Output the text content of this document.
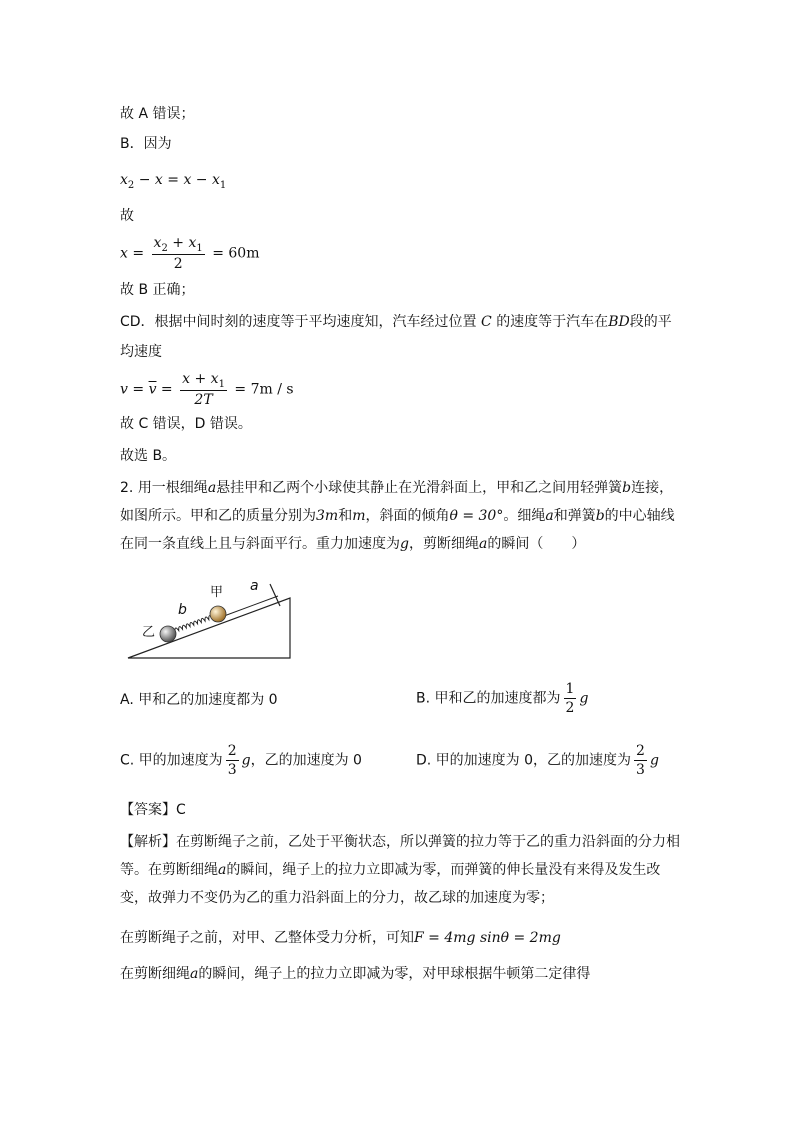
故 A 错误；
B．因为
$x_2 - x = x - x_1$
故
$x = \frac{x_2 + x_1}{2} = 60m$
故 B 正确；
CD．根据中间时刻的速度等于平均速度知，汽车经过位置 C 的速度等于汽车在BD段的平
均速度
$v = \overline{v} = \frac{x + x_1}{2T} = 7m / s$
故 C 错误，D 错误。
故选 B。
2. 用一根细绳a悬挂甲和乙两个小球使其静止在光滑斜面上，甲和乙之间用轻弹簧b连接，如图所示。甲和乙的质量分别为3m和m，斜面的倾角θ = 30°。细绳a和弹簧b的中心轴线在同一条直线上且与斜面平行。重力加速度为g，剪断细绳a的瞬间（　　）
甲
乙
a
b
A. 甲和乙的加速度都为 0	B. 甲和乙的加速度都为 $\frac{1}{2}$ g
C. 甲的加速度为 $\frac{2}{3}$ g，乙的加速度为 0	D. 甲的加速度为 0，乙的加速度为 $\frac{2}{3}$ g
【答案】C
【解析】在剪断绳子之前，乙处于平衡状态，所以弹簧的拉力等于乙的重力沿斜面的分力相等。在剪断细绳a的瞬间，绳子上的拉力立即减为零，而弹簧的伸长量没有来得及发生改变，故弹力不变仍为乙的重力沿斜面上的分力，故乙球的加速度为零；
在剪断绳子之前，对甲、乙整体受力分析，可知F = 4mg sinθ = 2mg
在剪断细绳a的瞬间，绳子上的拉力立即减为零，对甲球根据牛顿第二定律得
